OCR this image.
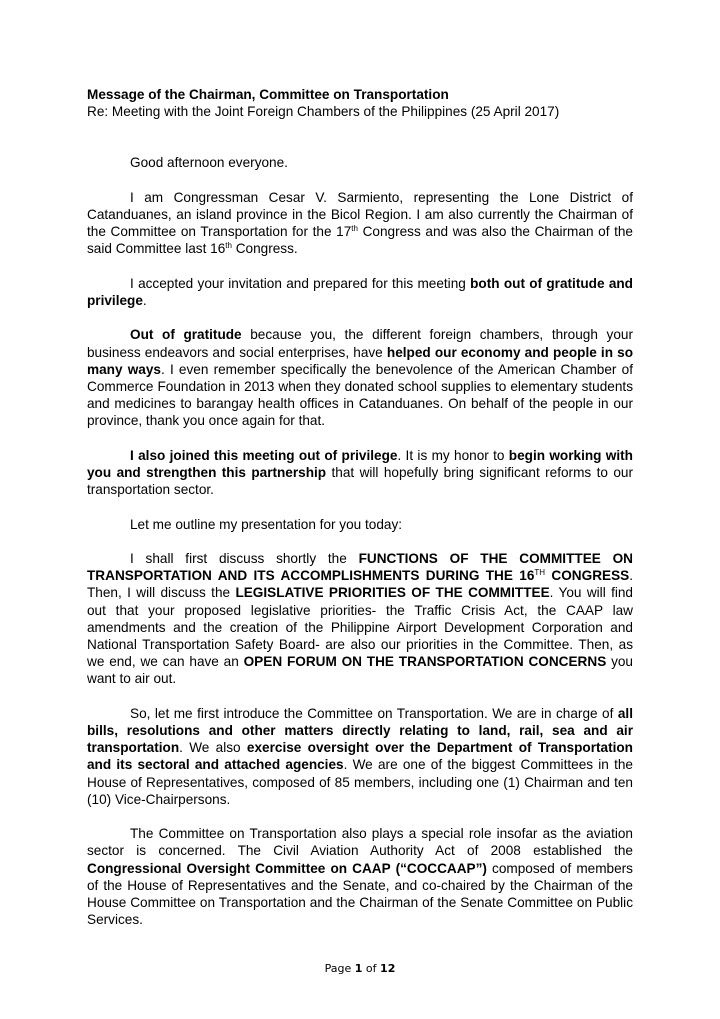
Message of the Chairman, Committee on Transportation
Re: Meeting with the Joint Foreign Chambers of the Philippines (25 April 2017)

Good afternoon everyone.

I am Congressman Cesar V. Sarmiento, representing the Lone District of Catanduanes, an island province in the Bicol Region. I am also currently the Chairman of the Committee on Transportation for the 17th Congress and was also the Chairman of the said Committee last 16th Congress.

I accepted your invitation and prepared for this meeting both out of gratitude and privilege.

Out of gratitude because you, the different foreign chambers, through your business endeavors and social enterprises, have helped our economy and people in so many ways. I even remember specifically the benevolence of the American Chamber of Commerce Foundation in 2013 when they donated school supplies to elementary students and medicines to barangay health offices in Catanduanes. On behalf of the people in our province, thank you once again for that.

I also joined this meeting out of privilege. It is my honor to begin working with you and strengthen this partnership that will hopefully bring significant reforms to our transportation sector.

Let me outline my presentation for you today:

I shall first discuss shortly the FUNCTIONS OF THE COMMITTEE ON TRANSPORTATION AND ITS ACCOMPLISHMENTS DURING THE 16TH CONGRESS. Then, I will discuss the LEGISLATIVE PRIORITIES OF THE COMMITTEE. You will find out that your proposed legislative priorities- the Traffic Crisis Act, the CAAP law amendments and the creation of the Philippine Airport Development Corporation and National Transportation Safety Board- are also our priorities in the Committee. Then, as we end, we can have an OPEN FORUM ON THE TRANSPORTATION CONCERNS you want to air out.

So, let me first introduce the Committee on Transportation. We are in charge of all bills, resolutions and other matters directly relating to land, rail, sea and air transportation. We also exercise oversight over the Department of Transportation and its sectoral and attached agencies. We are one of the biggest Committees in the House of Representatives, composed of 85 members, including one (1) Chairman and ten (10) Vice-Chairpersons.

The Committee on Transportation also plays a special role insofar as the aviation sector is concerned. The Civil Aviation Authority Act of 2008 established the Congressional Oversight Committee on CAAP (“COCCAAP”) composed of members of the House of Representatives and the Senate, and co-chaired by the Chairman of the House Committee on Transportation and the Chairman of the Senate Committee on Public Services.

Page 1 of 12
